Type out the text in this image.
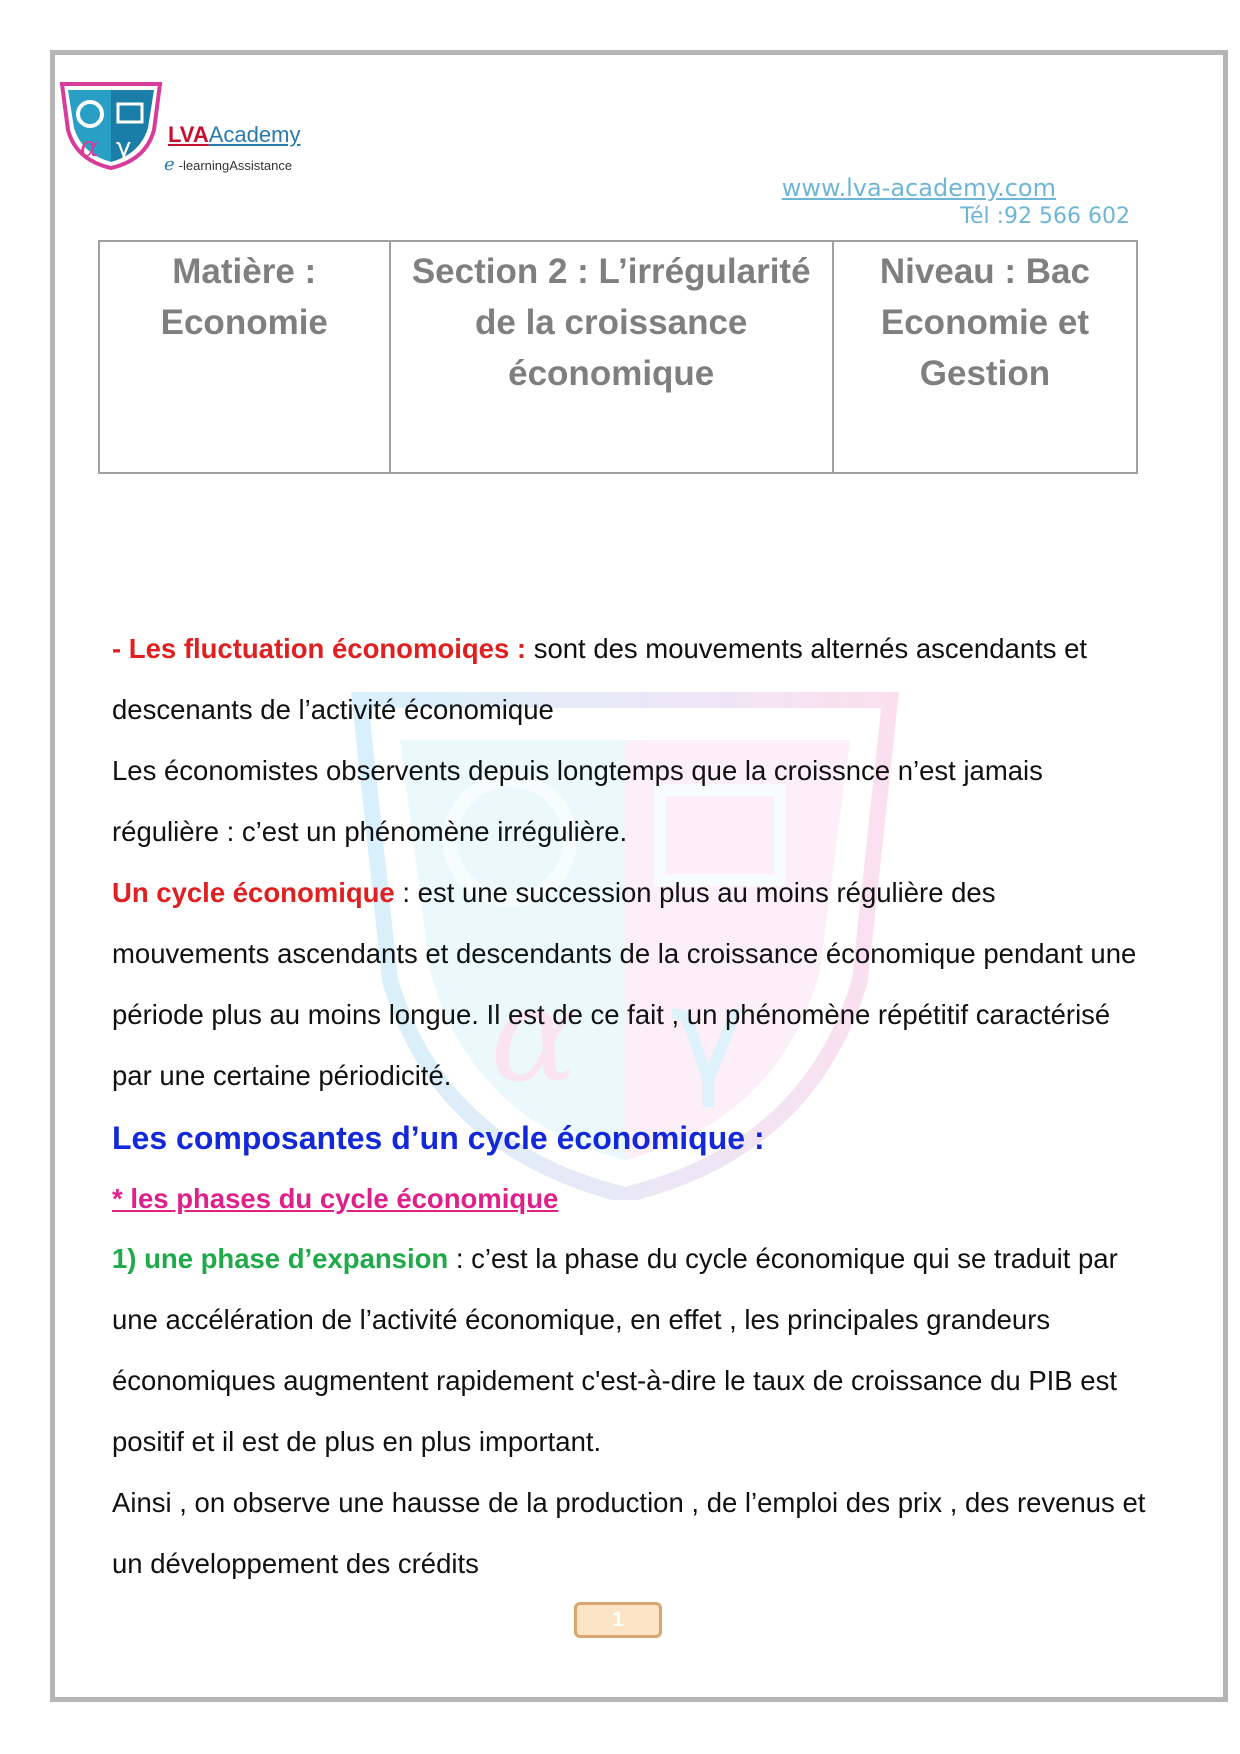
α γ
α γ LVAAcademy
e -learningAssistance
www.lva-academy.com
Tél :92 566 602
Matière : Economie	Section 2 : L’irrégularité de la croissance économique	Niveau : Bac Economie et Gestion

- Les fluctuation économoiqes : sont des mouvements alternés ascendants et descenants de l’activité économique

Les économistes observents depuis longtemps que la croissnce n’est jamais régulière : c’est un phénomène irrégulière.

Un cycle économique : est une succession plus au moins régulière des mouvements ascendants et descendants de la croissance économique pendant une période plus au moins longue. Il est de ce fait , un phénomène répétitif caractérisé par une certaine périodicité.

Les composantes d’un cycle économique :

* les phases du cycle économique

1) une phase d’expansion : c’est la phase du cycle économique qui se traduit par une accélération de l’activité économique, en effet , les principales grandeurs économiques augmentent rapidement c'est-à-dire le taux de croissance du PIB est positif et il est de plus en plus important.

Ainsi , on observe une hausse de la production , de l’emploi des prix , des revenus et un développement des crédits

1
